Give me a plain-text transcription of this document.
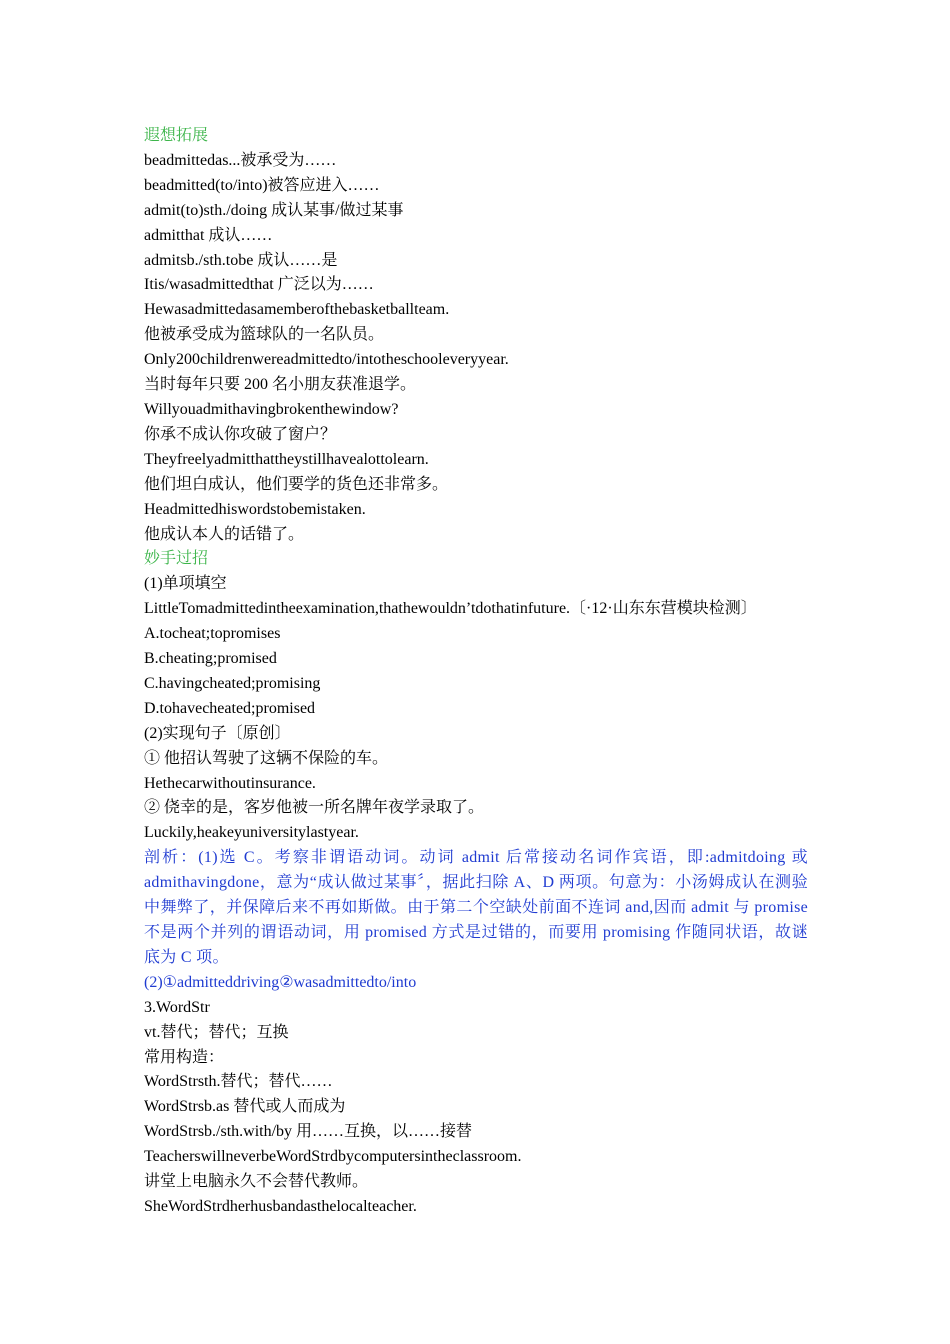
遐想拓展
beadmittedas...被承受为……
beadmitted(to/into)被答应进入……
admit(to)sth./doing 成认某事/做过某事
admitthat 成认……
admitsb./sth.tobe 成认……是
Itis/wasadmittedthat 广泛以为……
Hewasadmittedasamemberofthebasketballteam.
他被承受成为篮球队的一名队员。
Only200childrenwereadmittedto/intotheschooleveryyear.
当时每年只要 200 名小朋友获准退学。
Willyouadmithavingbrokenthewindow?
你承不成认你攻破了窗户？
Theyfreelyadmitthattheystillhavealottolearn.
他们坦白成认，他们要学的货色还非常多。
Headmittedhiswordstobemistaken.
他成认本人的话错了。
妙手过招
(1)单项填空
LittleTomadmittedintheexamination,thathewouldn’tdothatinfuture.〔·12·山东东营模块检测〕
A.tocheat;topromises
B.cheating;promised
C.havingcheated;promising
D.tohavecheated;promised
(2)实现句子〔原创〕
① 他招认驾驶了这辆不保险的车。
Hethecarwithoutinsurance.
② 侥幸的是，客岁他被一所名牌年夜学录取了。
Luckily,heakeyuniversitylastyear.
剖析：(1)选 C。考察非谓语动词。动词 admit 后常接动名词作宾语，即:admitdoing 或 admithavingdone，意为“成认做过某事〞，据此扫除 A、D 两项。句意为：小汤姆成认在测验中舞弊了，并保障后来不再如斯做。由于第二个空缺处前面不连词 and,因而 admit 与 promise 不是两个并列的谓语动词，用 promised 方式是过错的，而要用 promising 作随同状语，故谜底为 C 项。
(2)①admitteddriving②wasadmittedto/into
3.WordStr
vt.替代；替代；互换
常用构造：
WordStrsth.替代；替代……
WordStrsb.as 替代或人而成为
WordStrsb./sth.with/by 用……互换，以……接替
TeacherswillneverbeWordStrdbycomputersintheclassroom.
讲堂上电脑永久不会替代教师。
SheWordStrdherhusbandasthelocalteacher.
